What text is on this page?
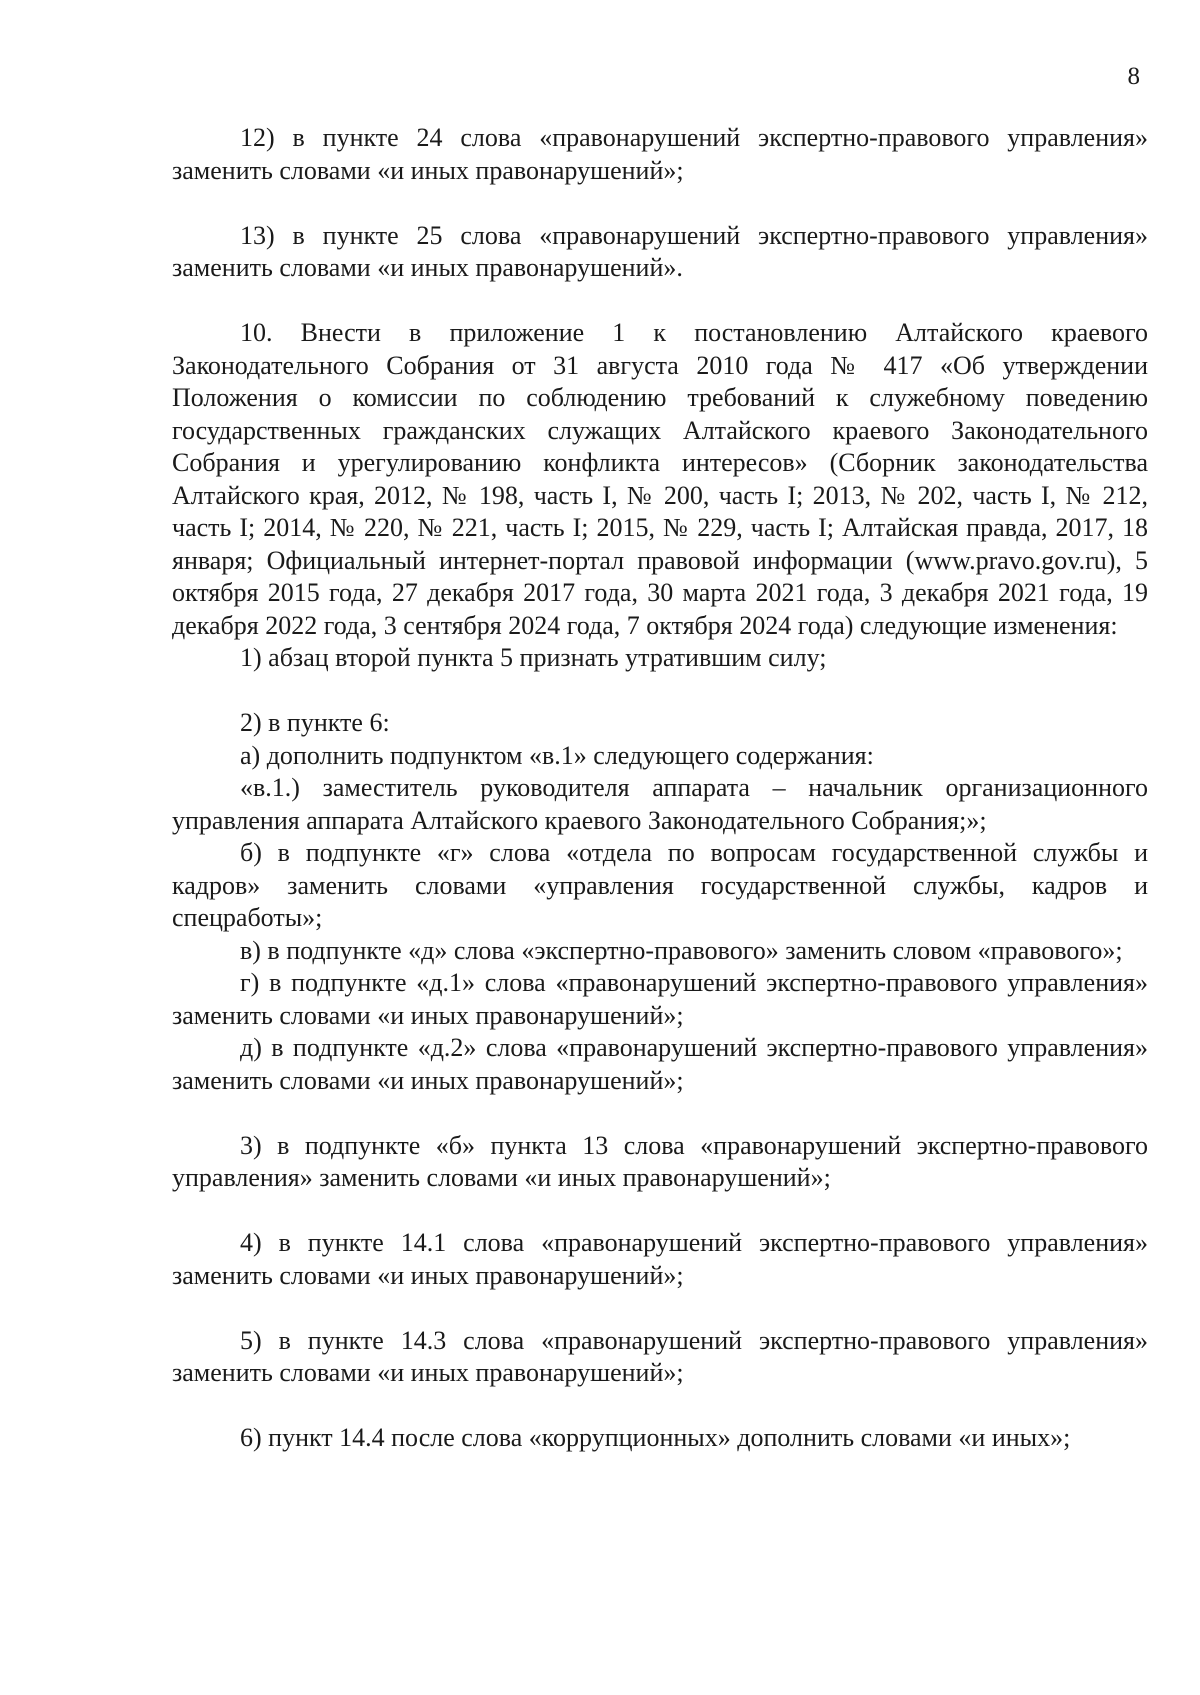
8

12) в пункте 24 слова «правонарушений экспертно-правового управления» заменить словами «и иных правонарушений»;

13) в пункте 25 слова «правонарушений экспертно-правового управления» заменить словами «и иных правонарушений».

10. Внести в приложение 1 к постановлению Алтайского краевого Законодательного Собрания от 31 августа 2010 года № 417 «Об утверждении Положения о комиссии по соблюдению требований к служебному поведению государственных гражданских служащих Алтайского краевого Законодательного Собрания и урегулированию конфликта интересов» (Сборник законодательства Алтайского края, 2012, № 198, часть I, № 200, часть I; 2013, № 202, часть I, № 212, часть I; 2014, № 220, № 221, часть I; 2015, № 229, часть I; Алтайская правда, 2017, 18 января; Официальный интернет-портал правовой информации (www.pravo.gov.ru), 5 октября 2015 года, 27 декабря 2017 года, 30 марта 2021 года, 3 декабря 2021 года, 19 декабря 2022 года, 3 сентября 2024 года, 7 октября 2024 года) следующие изменения:

1) абзац второй пункта 5 признать утратившим силу;

2) в пункте 6:

а) дополнить подпунктом «в.1» следующего содержания:

«в.1.) заместитель руководителя аппарата – начальник организационного управления аппарата Алтайского краевого Законодательного Собрания;»;

б) в подпункте «г» слова «отдела по вопросам государственной службы и кадров» заменить словами «управления государственной службы, кадров и спецработы»;

в) в подпункте «д» слова «экспертно-правового» заменить словом «правового»;

г) в подпункте «д.1» слова «правонарушений экспертно-правового управления» заменить словами «и иных правонарушений»;

д) в подпункте «д.2» слова «правонарушений экспертно-правового управления» заменить словами «и иных правонарушений»;

3) в подпункте «б» пункта 13 слова «правонарушений экспертно-правового управления» заменить словами «и иных правонарушений»;

4) в пункте 14.1 слова «правонарушений экспертно-правового управления» заменить словами «и иных правонарушений»;

5) в пункте 14.3 слова «правонарушений экспертно-правового управления» заменить словами «и иных правонарушений»;

6) пункт 14.4 после слова «коррупционных» дополнить словами «и иных»;
